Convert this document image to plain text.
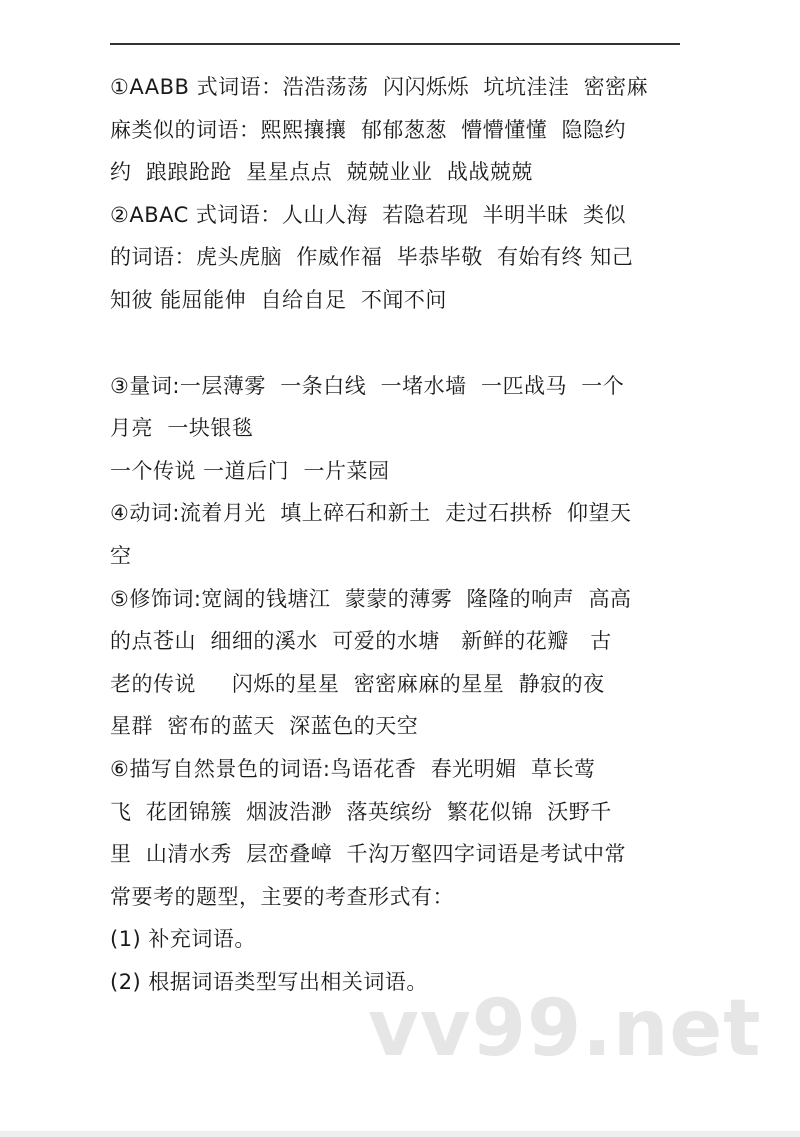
①AABB 式词语：浩浩荡荡  闪闪烁烁  坑坑洼洼  密密麻
麻类似的词语：熙熙攘攘  郁郁葱葱  懵懵懂懂  隐隐约
约  踉踉跄跄  星星点点  兢兢业业  战战兢兢
②ABAC 式词语：人山人海  若隐若现  半明半昧  类似
的词语：虎头虎脑  作威作福  毕恭毕敬  有始有终 知己
知彼 能屈能伸  自给自足  不闻不问
③量词:一层薄雾  一条白线  一堵水墙  一匹战马  一个
月亮  一块银毯
一个传说 一道后门  一片菜园
④动词:流着月光  填上碎石和新土  走过石拱桥  仰望天
空
⑤修饰词:宽阔的钱塘江  蒙蒙的薄雾  隆隆的响声  高高
的点苍山  细细的溪水  可爱的水塘   新鲜的花瓣   古
老的传说     闪烁的星星  密密麻麻的星星  静寂的夜
星群  密布的蓝天  深蓝色的天空
⑥描写自然景色的词语:鸟语花香  春光明媚  草长莺
飞  花团锦簇  烟波浩渺  落英缤纷  繁花似锦  沃野千
里  山清水秀  层峦叠嶂  千沟万壑四字词语是考试中常
常要考的题型，主要的考查形式有：
(1) 补充词语。
(2) 根据词语类型写出相关词语。
vv99.net
